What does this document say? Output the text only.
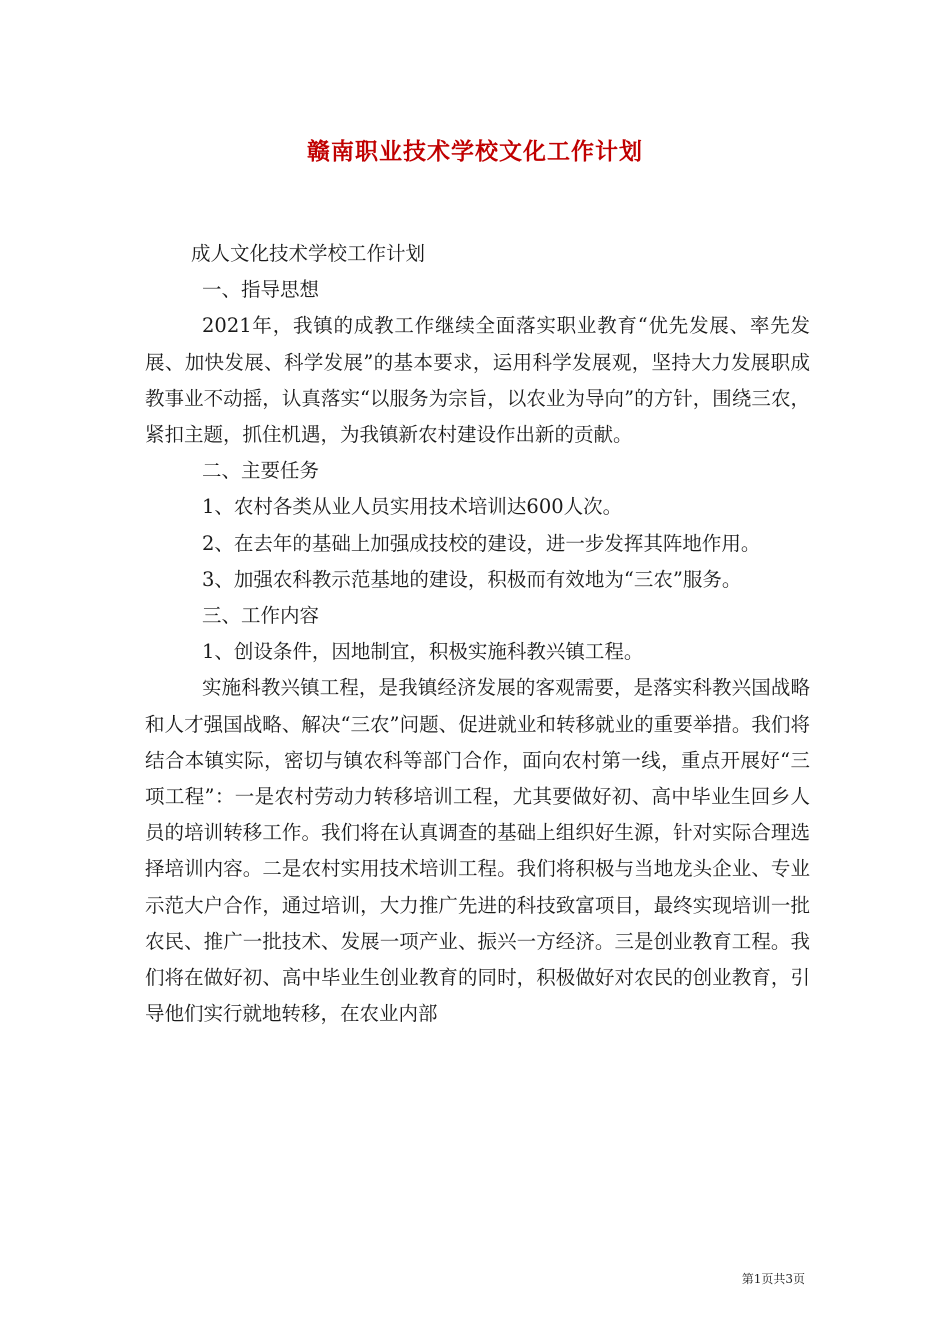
赣南职业技术学校文化工作计划

成人文化技术学校工作计划

一、指导思想

2021年，我镇的成教工作继续全面落实职业教育“优先发展、率先发展、加快发展、科学发展”的基本要求，运用科学发展观，坚持大力发展职成教事业不动摇，认真落实“以服务为宗旨，以农业为导向”的方针，围绕三农，紧扣主题，抓住机遇，为我镇新农村建设作出新的贡献。

二、主要任务

1、农村各类从业人员实用技术培训达600人次。

2、在去年的基础上加强成技校的建设，进一步发挥其阵地作用。

3、加强农科教示范基地的建设，积极而有效地为“三农”服务。

三、工作内容

1、创设条件，因地制宜，积极实施科教兴镇工程。

实施科教兴镇工程，是我镇经济发展的客观需要，是落实科教兴国战略和人才强国战略、解决“三农”问题、促进就业和转移就业的重要举措。我们将结合本镇实际，密切与镇农科等部门合作，面向农村第一线，重点开展好“三项工程”：一是农村劳动力转移培训工程，尤其要做好初、高中毕业生回乡人员的培训转移工作。我们将在认真调查的基础上组织好生源，针对实际合理选择培训内容。二是农村实用技术培训工程。我们将积极与当地龙头企业、专业示范大户合作，通过培训，大力推广先进的科技致富项目，最终实现培训一批农民、推广一批技术、发展一项产业、振兴一方经济。三是创业教育工程。我们将在做好初、高中毕业生创业教育的同时，积极做好对农民的创业教育，引导他们实行就地转移，在农业内部

第1页共3页
